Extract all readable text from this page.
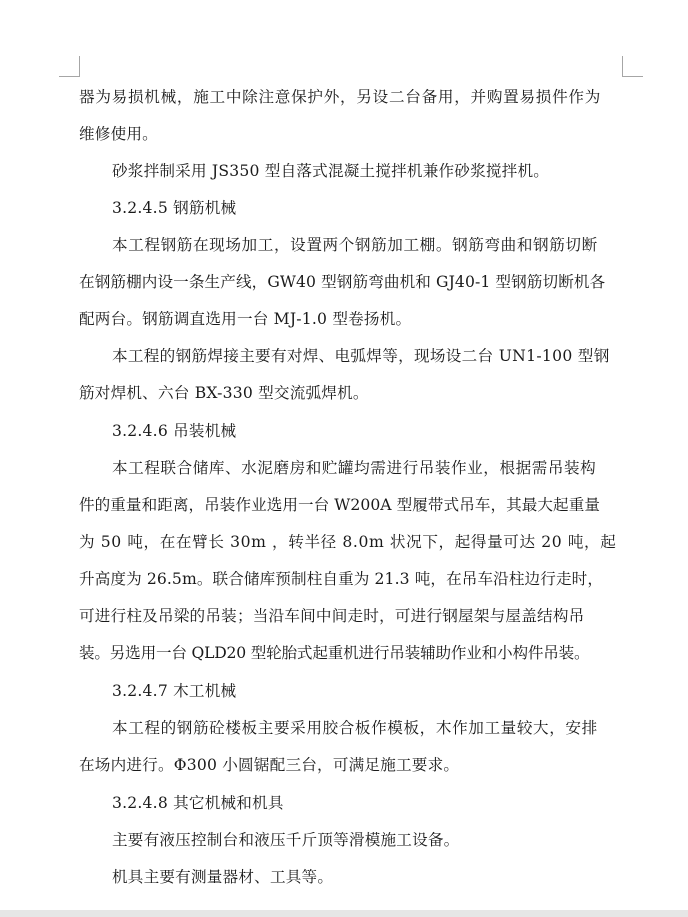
器为易损机械，施工中除注意保护外，另设二台备用，并购置易损件作为
维修使用。
砂浆拌制采用 JS350 型自落式混凝土搅拌机兼作砂浆搅拌机。
3.2.4.5 钢筋机械
本工程钢筋在现场加工，设置两个钢筋加工棚。钢筋弯曲和钢筋切断
在钢筋棚内设一条生产线，GW40 型钢筋弯曲机和 GJ40-1 型钢筋切断机各
配两台。钢筋调直选用一台 MJ-1.0 型卷扬机。
本工程的钢筋焊接主要有对焊、电弧焊等，现场设二台 UN1-100 型钢
筋对焊机、六台 BX-330 型交流弧焊机。
3.2.4.6 吊装机械
本工程联合储库、水泥磨房和贮罐均需进行吊装作业，根据需吊装构
件的重量和距离，吊装作业选用一台 W200A 型履带式吊车，其最大起重量
为 50 吨，在在臂长 30m ，转半径 8.0m 状况下，起得量可达 20 吨，起
升高度为 26.5m。联合储库预制柱自重为 21.3 吨，在吊车沿柱边行走时，
可进行柱及吊梁的吊装；当沿车间中间走时，可进行钢屋架与屋盖结构吊
装。另选用一台 QLD20 型轮胎式起重机进行吊装辅助作业和小构件吊装。
3.2.4.7 木工机械
本工程的钢筋砼楼板主要采用胶合板作模板，木作加工量较大，安排
在场内进行。Φ300 小圆锯配三台，可满足施工要求。
3.2.4.8 其它机械和机具
主要有液压控制台和液压千斤顶等滑模施工设备。
机具主要有测量器材、工具等。
